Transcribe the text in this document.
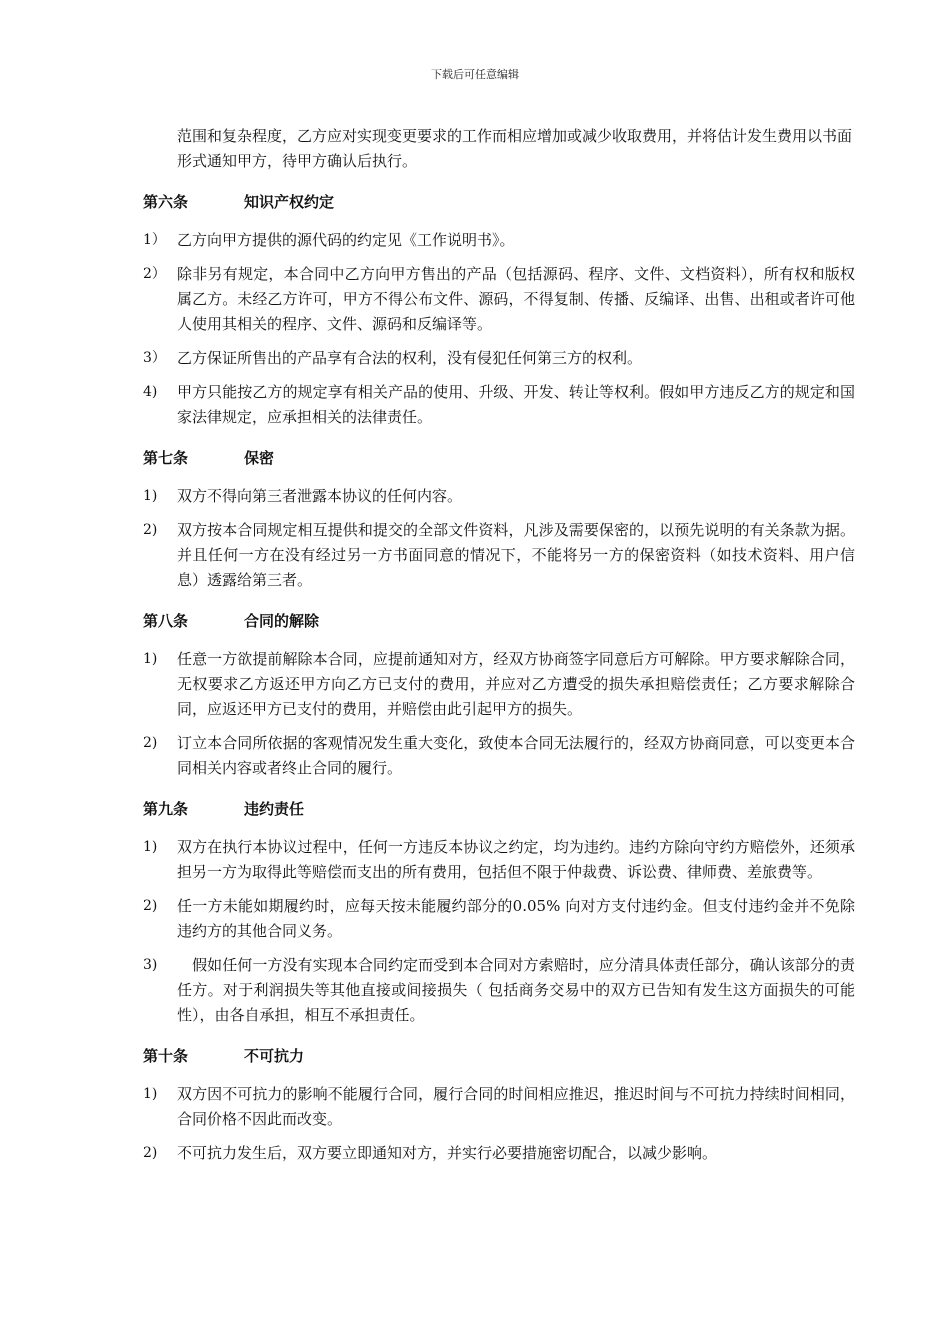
下载后可任意编辑
范围和复杂程度，乙方应对实现变更要求的工作而相应增加或减少收取费用，并将估计发生费用以书面形式通知甲方，待甲方确认后执行。
第六条	知识产权约定
1） 乙方向甲方提供的源代码的约定见《工作说明书》。
2） 除非另有规定，本合同中乙方向甲方售出的产品（包括源码、程序、文件、文档资料），所有权和版权属乙方。未经乙方许可，甲方不得公布文件、源码，不得复制、传播、反编译、出售、出租或者许可他人使用其相关的程序、文件、源码和反编译等。
3） 乙方保证所售出的产品享有合法的权利，没有侵犯任何第三方的权利。
4)	甲方只能按乙方的规定享有相关产品的使用、升级、开发、转让等权利。假如甲方违反乙方的规定和国家法律规定，应承担相关的法律责任。
第七条	保密
1)	双方不得向第三者泄露本协议的任何内容。
2)	双方按本合同规定相互提供和提交的全部文件资料，凡涉及需要保密的，以预先说明的有关条款为据。并且任何一方在没有经过另一方书面同意的情况下，不能将另一方的保密资料（如技术资料、用户信息）透露给第三者。
第八条	合同的解除
1)	任意一方欲提前解除本合同，应提前通知对方，经双方协商签字同意后方可解除。甲方要求解除合同，无权要求乙方返还甲方向乙方已支付的费用，并应对乙方遭受的损失承担赔偿责任；乙方要求解除合同，应返还甲方已支付的费用，并赔偿由此引起甲方的损失。
2)	订立本合同所依据的客观情况发生重大变化，致使本合同无法履行的，经双方协商同意，可以变更本合同相关内容或者终止合同的履行。
第九条	违约责任
1)	双方在执行本协议过程中，任何一方违反本协议之约定，均为违约。违约方除向守约方赔偿外，还须承担另一方为取得此等赔偿而支出的所有费用，包括但不限于仲裁费、诉讼费、律师费、差旅费等。
2)	任一方未能如期履约时，应每天按未能履约部分的0.05% 向对方支付违约金。但支付违约金并不免除违约方的其他合同义务。
3)	　假如任何一方没有实现本合同约定而受到本合同对方索赔时，应分清具体责任部分，确认该部分的责任方。对于利润损失等其他直接或间接损失（ 包括商务交易中的双方已告知有发生这方面损失的可能性），由各自承担，相互不承担责任。
第十条	不可抗力
1)	双方因不可抗力的影响不能履行合同，履行合同的时间相应推迟，推迟时间与不可抗力持续时间相同，合同价格不因此而改变。
2)	不可抗力发生后，双方要立即通知对方，并实行必要措施密切配合，以减少影响。
